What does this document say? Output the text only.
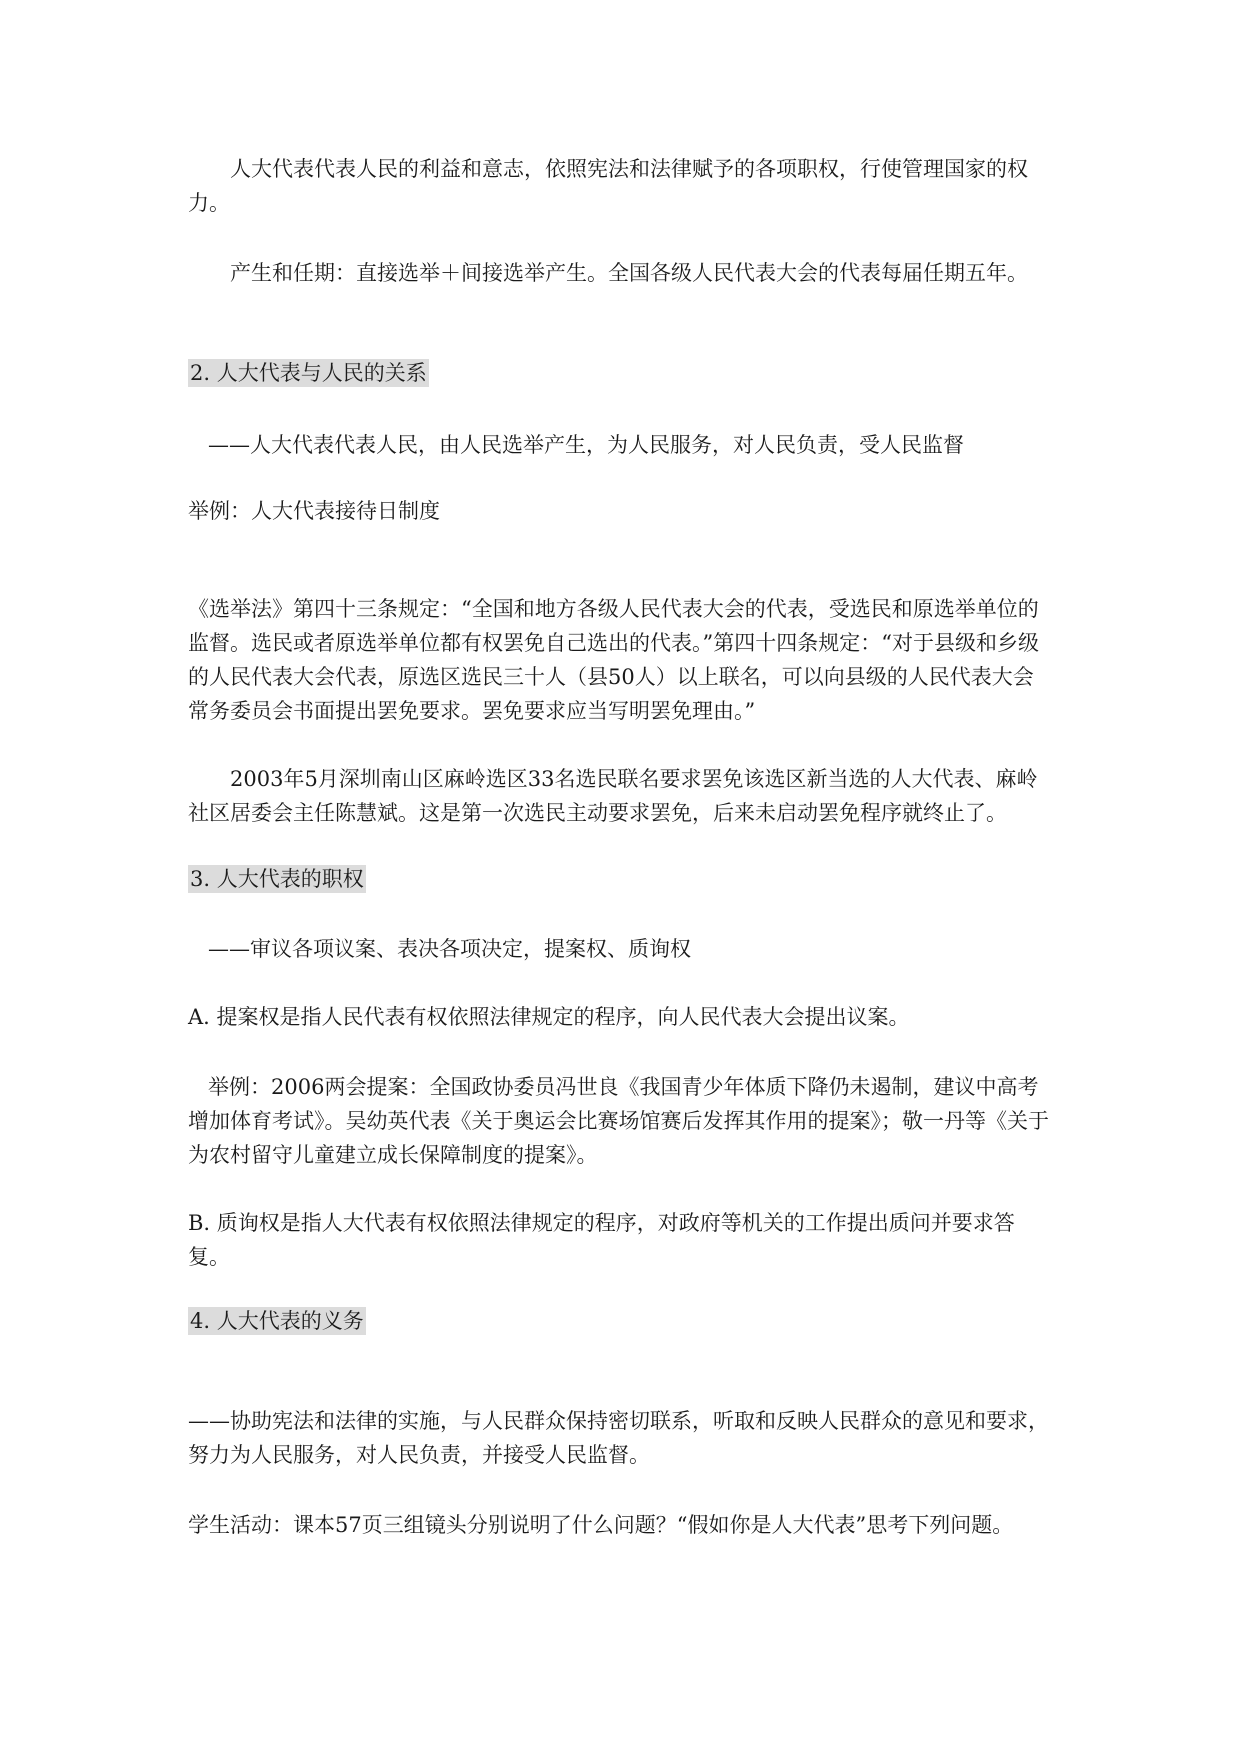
人大代表代表人民的利益和意志，依照宪法和法律赋予的各项职权，行使管理国家的权力。

产生和任期：直接选举＋间接选举产生。全国各级人民代表大会的代表每届任期五年。

2. 人大代表与人民的关系

——人大代表代表人民，由人民选举产生，为人民服务，对人民负责，受人民监督

举例：人大代表接待日制度

《选举法》第四十三条规定：“全国和地方各级人民代表大会的代表，受选民和原选举单位的监督。选民或者原选举单位都有权罢免自己选出的代表。”第四十四条规定：“对于县级和乡级的人民代表大会代表，原选区选民三十人（县50人）以上联名，可以向县级的人民代表大会常务委员会书面提出罢免要求。罢免要求应当写明罢免理由。”

2003年5月深圳南山区麻岭选区33名选民联名要求罢免该选区新当选的人大代表、麻岭社区居委会主任陈慧斌。这是第一次选民主动要求罢免，后来未启动罢免程序就终止了。

3. 人大代表的职权

——审议各项议案、表决各项决定，提案权、质询权

A. 提案权是指人民代表有权依照法律规定的程序，向人民代表大会提出议案。

举例：2006两会提案：全国政协委员冯世良《我国青少年体质下降仍未遏制，建议中高考增加体育考试》。吴幼英代表《关于奥运会比赛场馆赛后发挥其作用的提案》；敬一丹等《关于为农村留守儿童建立成长保障制度的提案》。

B. 质询权是指人大代表有权依照法律规定的程序，对政府等机关的工作提出质问并要求答复。

4. 人大代表的义务

——协助宪法和法律的实施，与人民群众保持密切联系，听取和反映人民群众的意见和要求，努力为人民服务，对人民负责，并接受人民监督。

学生活动：课本57页三组镜头分别说明了什么问题？“假如你是人大代表”思考下列问题。
